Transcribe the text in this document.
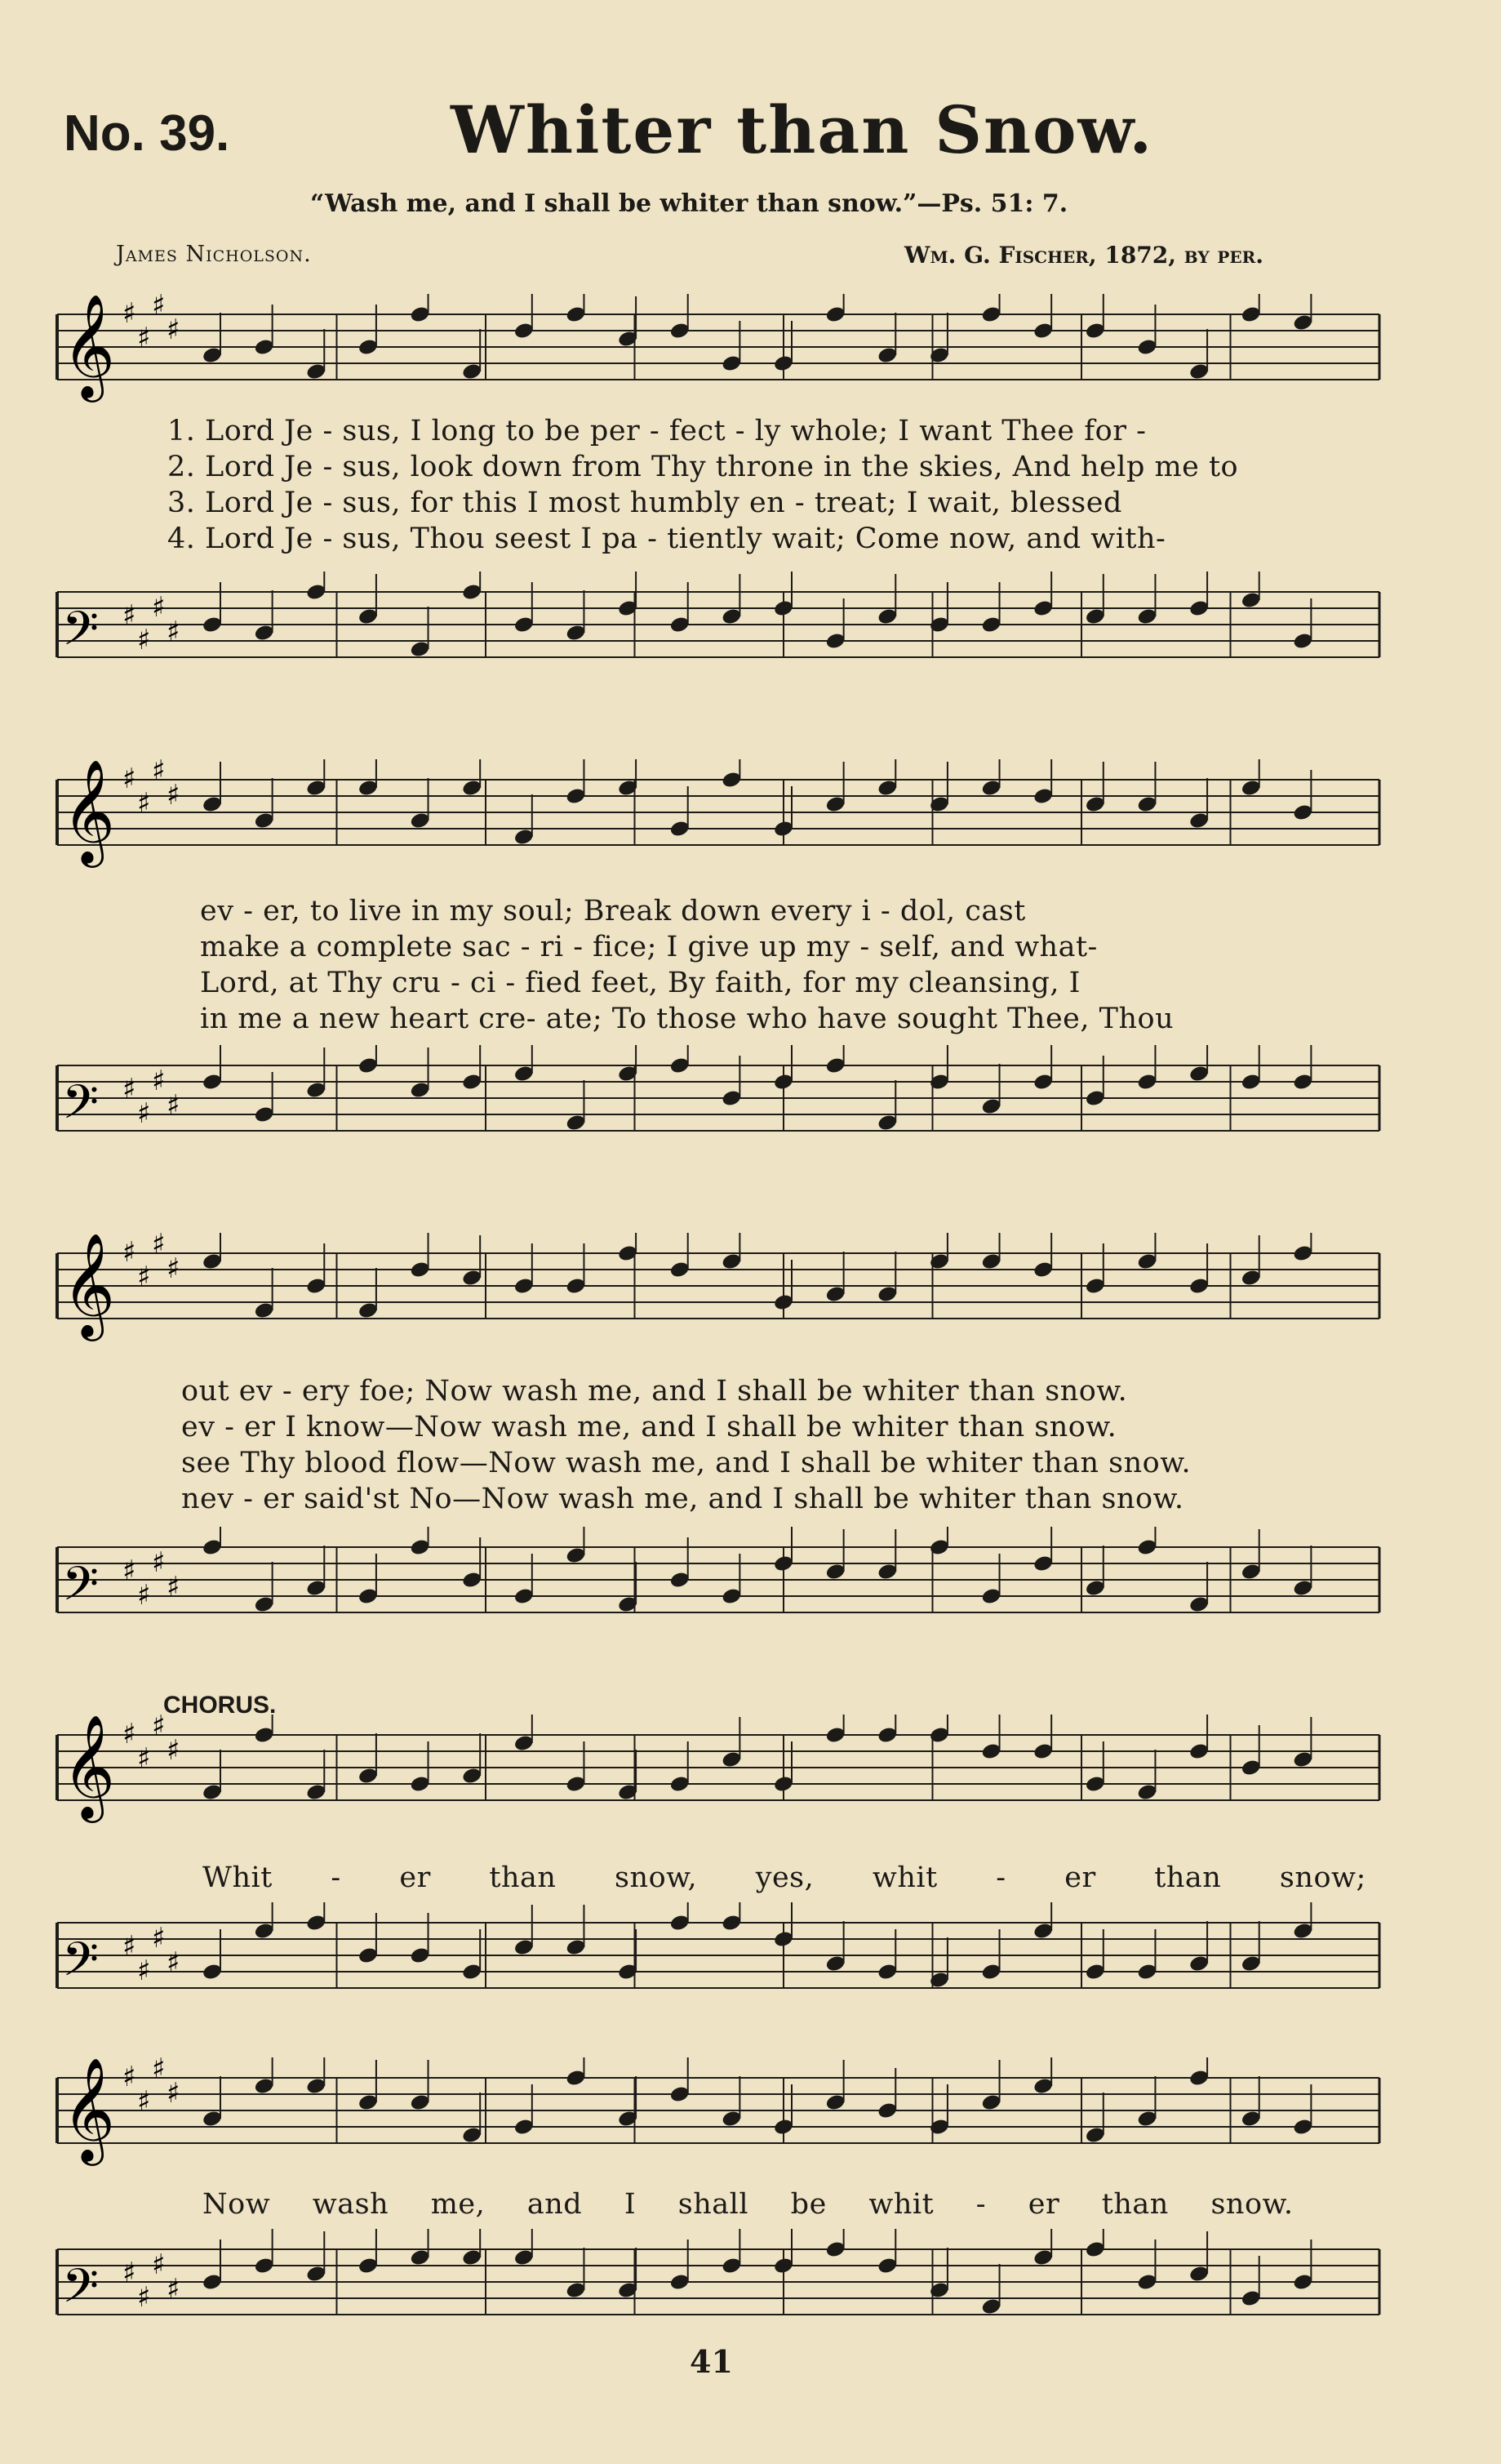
No. 39.	Whiter than Snow.
“Wash me, and I shall be whiter than snow.”—Ps. 51: 7.
James Nicholson.	Wm. G. Fischer, 1872, by per.
𝄞 ♯
♯
♯
♯
1. Lord Je - sus, I long to be per - fect - ly whole; I want Thee for -
2. Lord Je - sus, look down from Thy throne in the skies, And help me to
3. Lord Je - sus, for this I most humbly en - treat; I wait, blessed
4. Lord Je - sus, Thou seest I pa - tiently wait; Come now, and with-
𝄢 ♯
♯
♯
♯
𝄞 ♯
♯
♯
♯
ev - er, to live in my soul; Break down every i - dol, cast
make a complete sac - ri - fice; I give up my - self, and what-
Lord, at Thy cru - ci - fied feet, By faith, for my cleansing, I
in me a new heart cre- ate; To those who have sought Thee, Thou
𝄢 ♯
♯
♯
♯
𝄞 ♯
♯
♯
♯
out ev - ery foe; Now wash me, and I shall be whiter than snow.
ev - er I know—Now wash me, and I shall be whiter than snow.
see Thy blood flow—Now wash me, and I shall be whiter than snow.
nev - er said'st No—Now wash me, and I shall be whiter than snow.
𝄢 ♯
♯
♯
♯
CHORUS.
𝄞 ♯
♯
♯
♯
Whit - er than snow, yes, whit - er than snow;
𝄢 ♯
♯
♯
♯
𝄞 ♯
♯
♯
♯
Now wash me, and I shall be whit - er than snow.
𝄢 ♯
♯
♯
♯
41
